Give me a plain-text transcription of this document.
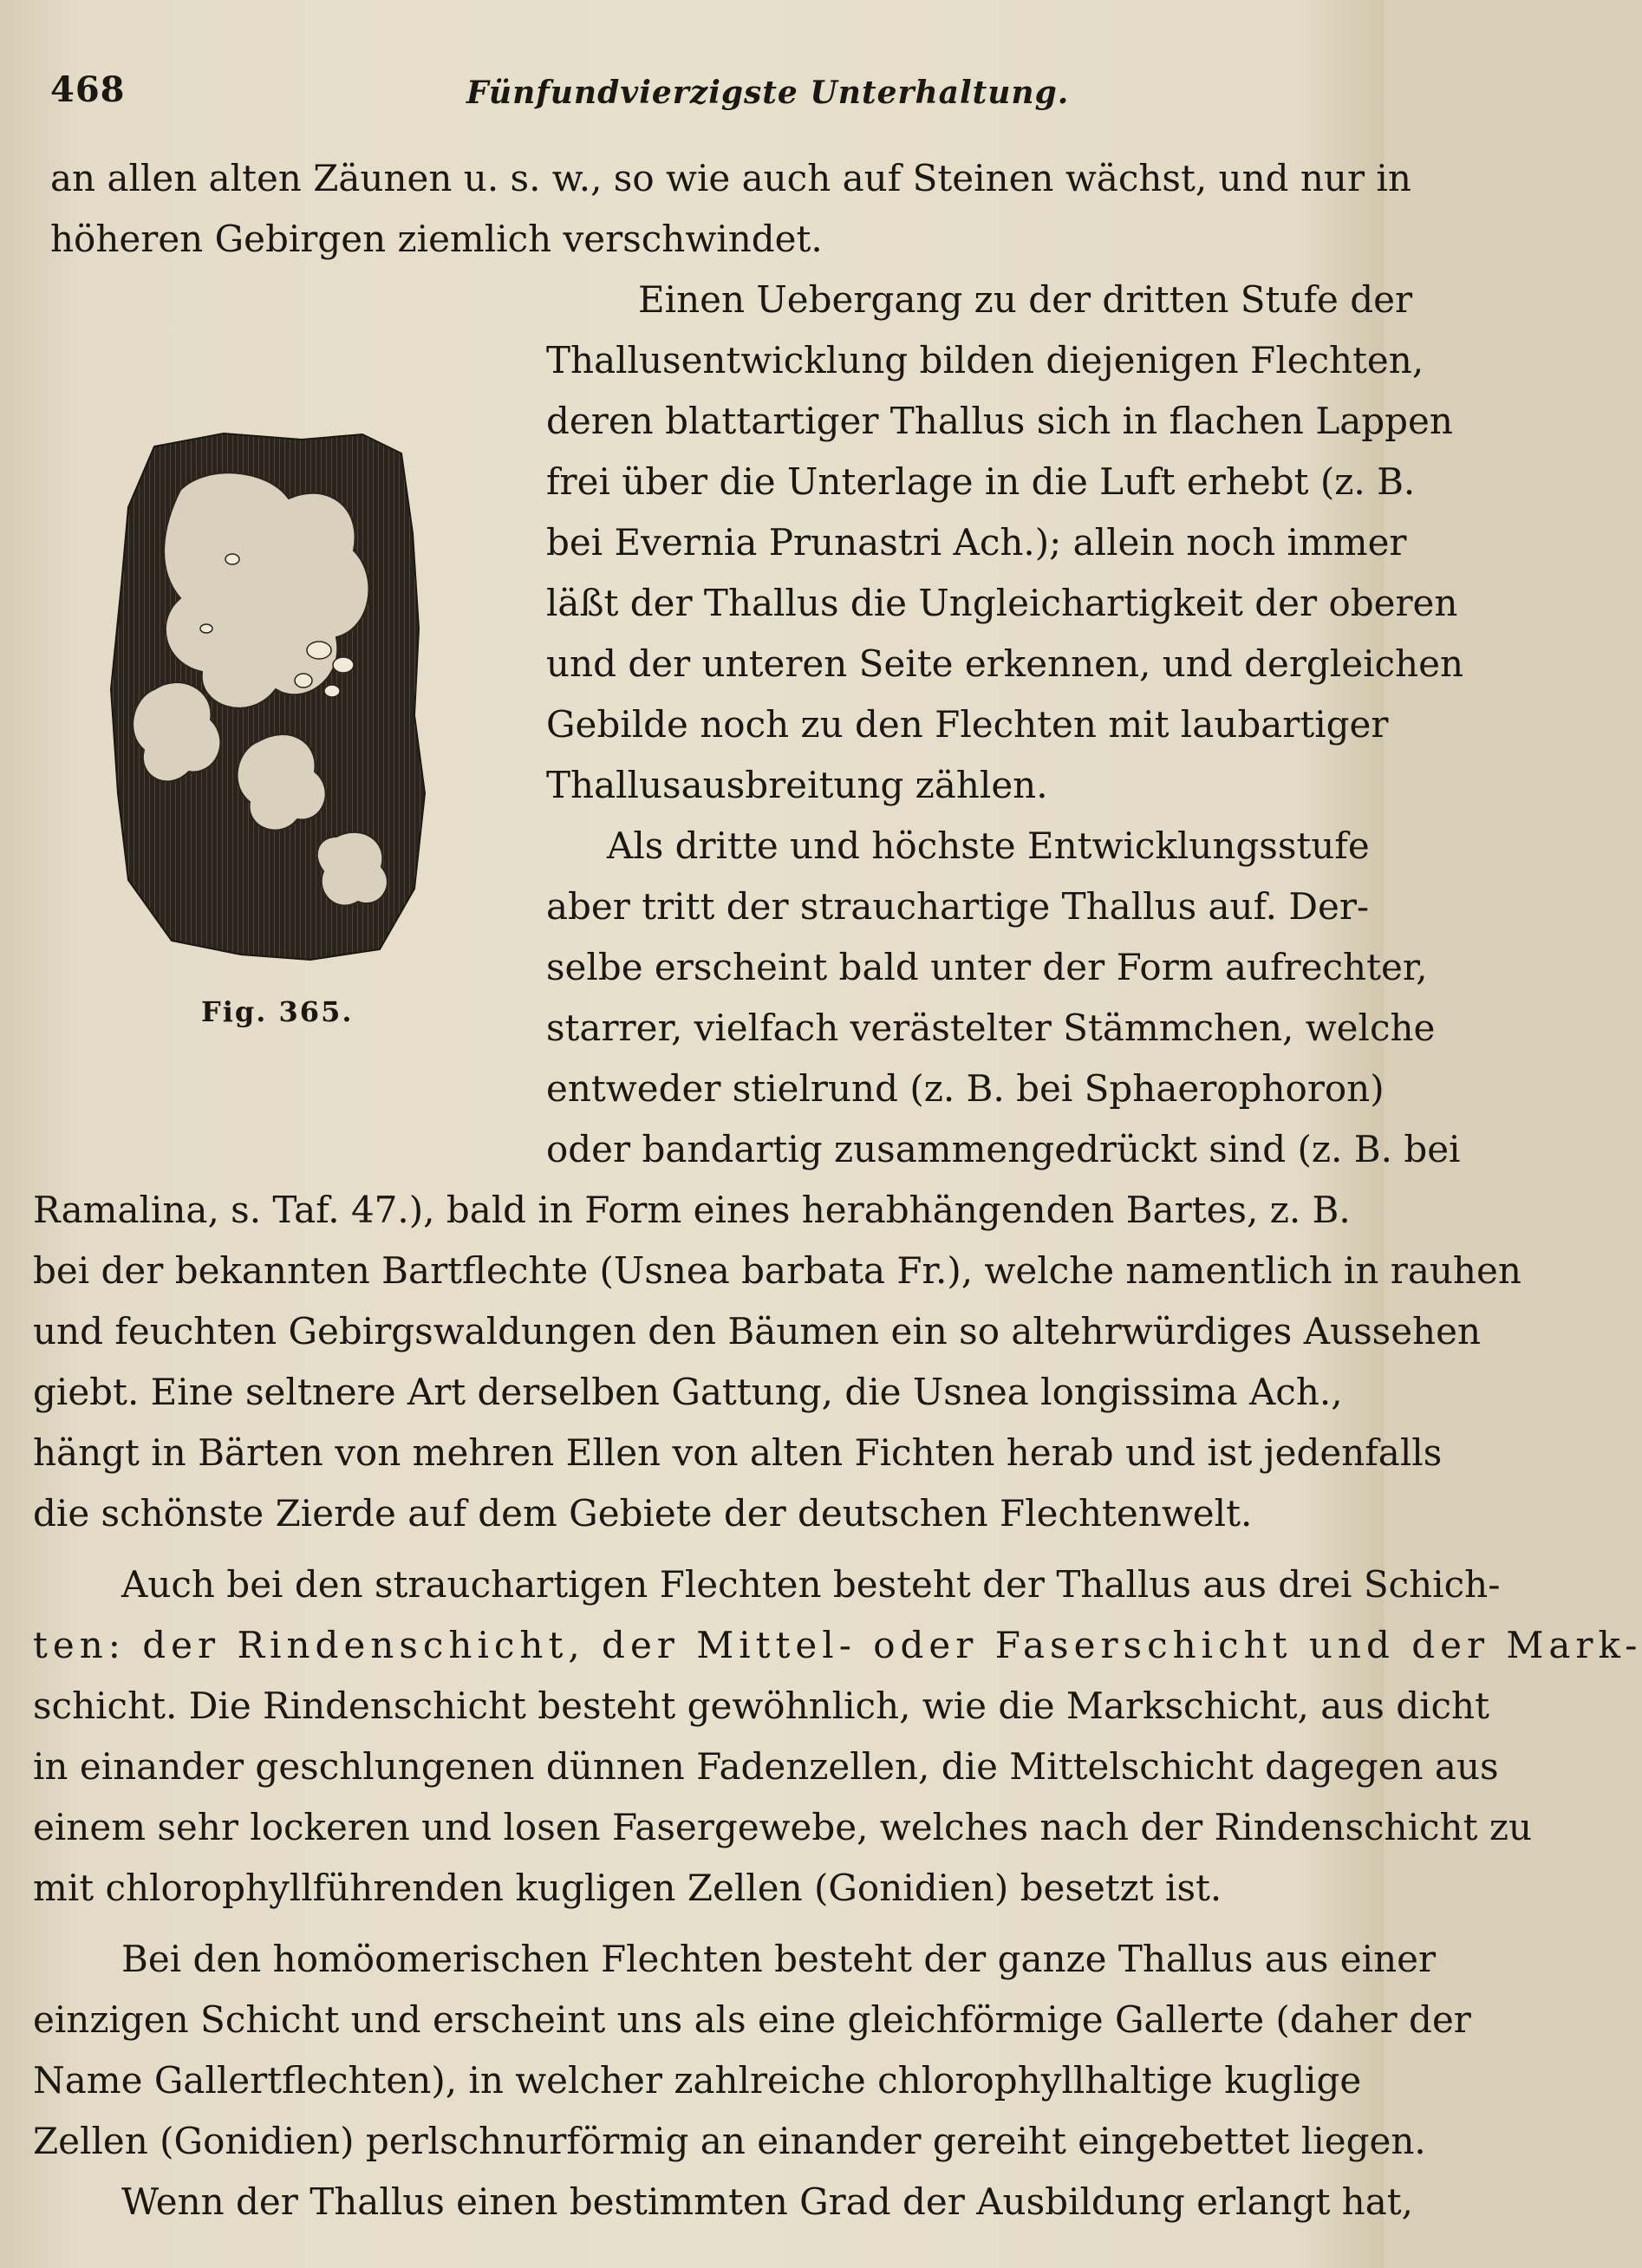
468	Fünfundvierzigste Unterhaltung.
Fig. 365.
an allen alten Zäunen u. s. w., so wie auch auf Steinen wächst, und nur in
höheren Gebirgen ziemlich verschwindet.
Einen Uebergang zu der dritten Stufe der
Thallusentwicklung bilden diejenigen Flechten,
deren blattartiger Thallus sich in flachen Lappen
frei über die Unterlage in die Luft erhebt (z. B.
bei Evernia Prunastri Ach.); allein noch immer
läßt der Thallus die Ungleichartigkeit der oberen
und der unteren Seite erkennen, und dergleichen
Gebilde noch zu den Flechten mit laubartiger
Thallusausbreitung zählen.
Als dritte und höchste Entwicklungsstufe
aber tritt der strauchartige Thallus auf. Der-
selbe erscheint bald unter der Form aufrechter,
starrer, vielfach verästelter Stämmchen, welche
entweder stielrund (z. B. bei Sphaerophoron)
oder bandartig zusammengedrückt sind (z. B. bei
Ramalina, s. Taf. 47.), bald in Form eines herabhängenden Bartes, z. B.
bei der bekannten Bartflechte (Usnea barbata Fr.), welche namentlich in rauhen
und feuchten Gebirgswaldungen den Bäumen ein so altehrwürdiges Aussehen
giebt. Eine seltnere Art derselben Gattung, die Usnea longissima Ach.,
hängt in Bärten von mehren Ellen von alten Fichten herab und ist jedenfalls
die schönste Zierde auf dem Gebiete der deutschen Flechtenwelt.
Auch bei den strauchartigen Flechten besteht der Thallus aus drei Schich-
ten: der Rindenschicht, der Mittel- oder Faserschicht und der Mark-
schicht. Die Rindenschicht besteht gewöhnlich, wie die Markschicht, aus dicht
in einander geschlungenen dünnen Fadenzellen, die Mittelschicht dagegen aus
einem sehr lockeren und losen Fasergewebe, welches nach der Rindenschicht zu
mit chlorophyllführenden kugligen Zellen (Gonidien) besetzt ist.
Bei den homöomerischen Flechten besteht der ganze Thallus aus einer
einzigen Schicht und erscheint uns als eine gleichförmige Gallerte (daher der
Name Gallertflechten), in welcher zahlreiche chlorophyllhaltige kuglige
Zellen (Gonidien) perlschnurförmig an einander gereiht eingebettet liegen.
Wenn der Thallus einen bestimmten Grad der Ausbildung erlangt hat,
